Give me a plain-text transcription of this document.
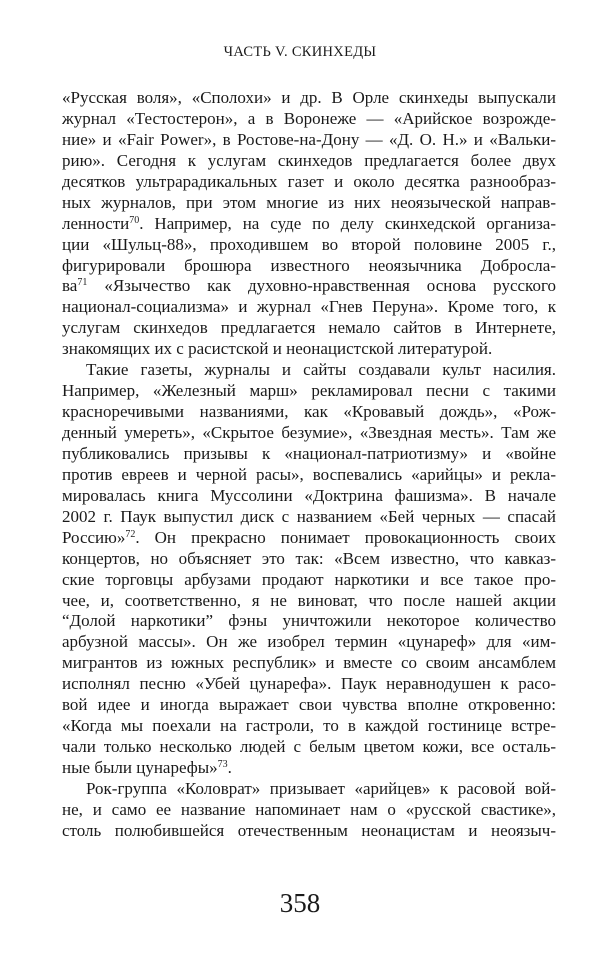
ЧАСТЬ V. СКИНХЕДЫ
«Русская воля», «Сполохи» и др. В Орле скинхеды выпускали
журнал «Тестостерон», а в Воронеже — «Арийское возрожде-
ние» и «Fair Power», в Ростове-на-Дону — «Д. О. Н.» и «Вальки-
рию». Сегодня к услугам скинхедов предлагается более двух
десятков ультрарадикальных газет и около десятка разнообраз-
ных журналов, при этом многие из них неоязыческой направ-
ленности$^{70}$. Например, на суде по делу скинхедской организа-
ции «Шульц-88», проходившем во второй половине 2005 г.,
фигурировали брошюра известного неоязычника Доброслa-
$ва^{71}$ «Язычество как духовно-нравственная основа русского
национал-социализма» и журнал «Гнев Перуна». Кроме того, к
услугам скинхедов предлагается немало сайтов в Интернете,
знакомящих их с расистской и неонацистской литературой.
Такие газеты, журналы и сайты создавали культ насилия.
Например, «Железный марш» рекламировал песни с такими
красноречивыми названиями, как «Кровавый дождь», «Рож-
денный умереть», «Скрытое безумие», «Звездная месть». Там же
публиковались призывы к «национал-патриотизму» и «войне
против евреев и черной расы», воспевались «арийцы» и рекла-
мировалась книга Муссолини «Доктрина фашизма». В начале
2002 г. Паук выпустил диск с названием «Бей черных — спасай
Россию»$^{72}$. Он прекрасно понимает провокационность своих
концертов, но объясняет это так: «Всем известно, что кавказ-
ские торговцы арбузами продают наркотики и все такое про-
чее, и, соответственно, я не виноват, что после нашей акции
“Долой наркотики” фэны уничтожили некоторое количество
арбузной массы». Он же изобрел термин «цунареф» для «им-
мигрантов из южных республик» и вместе со своим ансамблем
исполнял песню «Убей цунарефа». Паук неравнодушен к расо-
вой идее и иногда выражает свои чувства вполне откровенно:
«Когда мы поехали на гастроли, то в каждой гостинице встре-
чали только несколько людей с белым цветом кожи, все осталь-
ные были цунарефы»$^{73}$.
Рок-группа «Коловрат» призывает «арийцев» к расовой вой-
не, и само ее название напоминает нам о «русской свастике»,
столь полюбившейся отечественным неонацистам и неоязыч-
358
